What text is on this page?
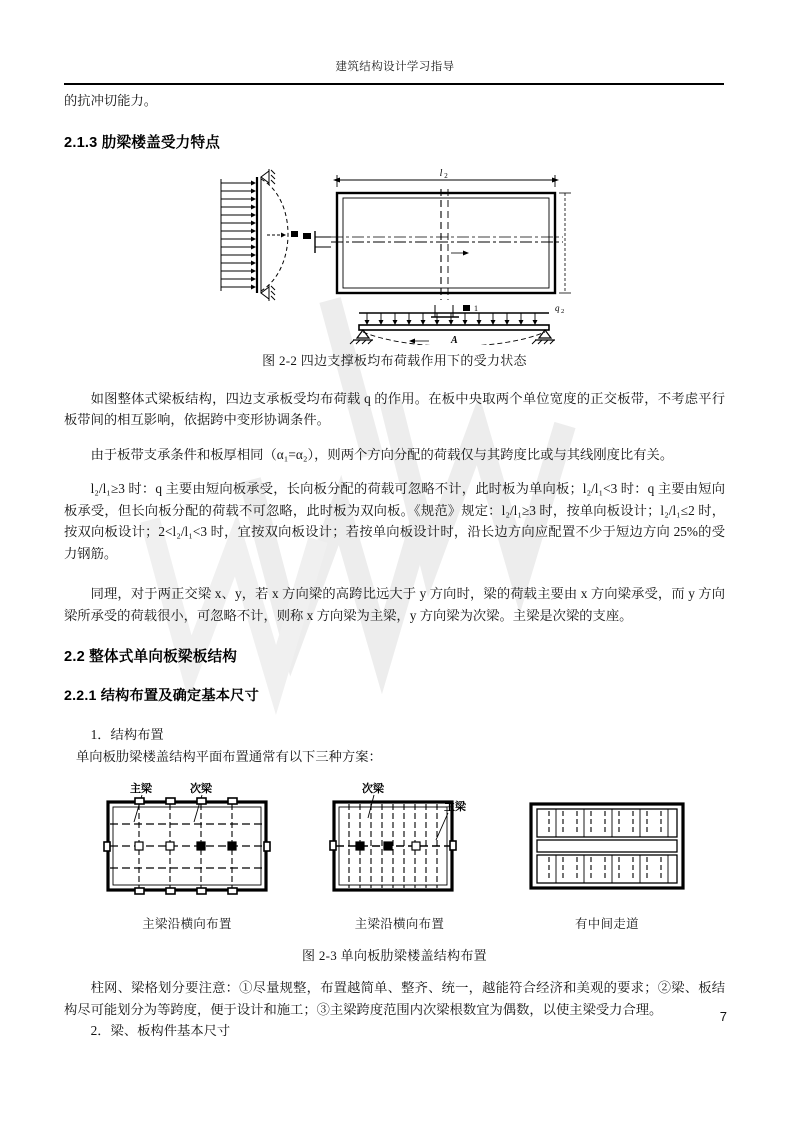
建筑结构设计学习指导

的抗冲切能力。

2.1.3 肋梁楼盖受力特点
l 2
q 2
A
1
图 2-2 四边支撑板均布荷载作用下的受力状态

如图整体式梁板结构，四边支承板受均布荷载 q 的作用。在板中央取两个单位宽度的正交板带，不考虑平行板带间的相互影响，依据跨中变形协调条件。

由于板带支承条件和板厚相同（α₁=α₂），则两个方向分配的荷载仅与其跨度比或与其线刚度比有关。

l₂/l₁≥3 时：q 主要由短向板承受，长向板分配的荷载可忽略不计，此时板为单向板；l₂/l₁<3 时：q 主要由短向板承受，但长向板分配的荷载不可忽略，此时板为双向板。《规范》规定：l₂/l₁≥3 时，按单向板设计；l₂/l₁≤2 时，按双向板设计；2<l₂/l₁<3 时，宜按双向板设计；若按单向板设计时，沿长边方向应配置不少于短边方向 25%的受力钢筋。

同理，对于两正交梁 x、y，若 x 方向梁的高跨比远大于 y 方向时，梁的荷载主要由 x 方向梁承受，而 y 方向梁所承受的荷载很小，可忽略不计，则称 x 方向梁为主梁，y 方向梁为次梁。主梁是次梁的支座。

2.2 整体式单向板梁板结构
2.2.1 结构布置及确定基本尺寸

1．结构布置

单向板肋梁楼盖结构平面布置通常有以下三种方案：

主梁	次梁
主梁沿横向布置
次梁
主梁
主梁沿横向布置	有中间走道
图 2-3 单向板肋梁楼盖结构布置

柱网、梁格划分要注意：①尽量规整，布置越简单、整齐、统一，越能符合经济和美观的要求；②梁、板结构尽可能划分为等跨度，便于设计和施工；③主梁跨度范围内次梁根数宜为偶数，以使主梁受力合理。

2．梁、板构件基本尺寸

7
